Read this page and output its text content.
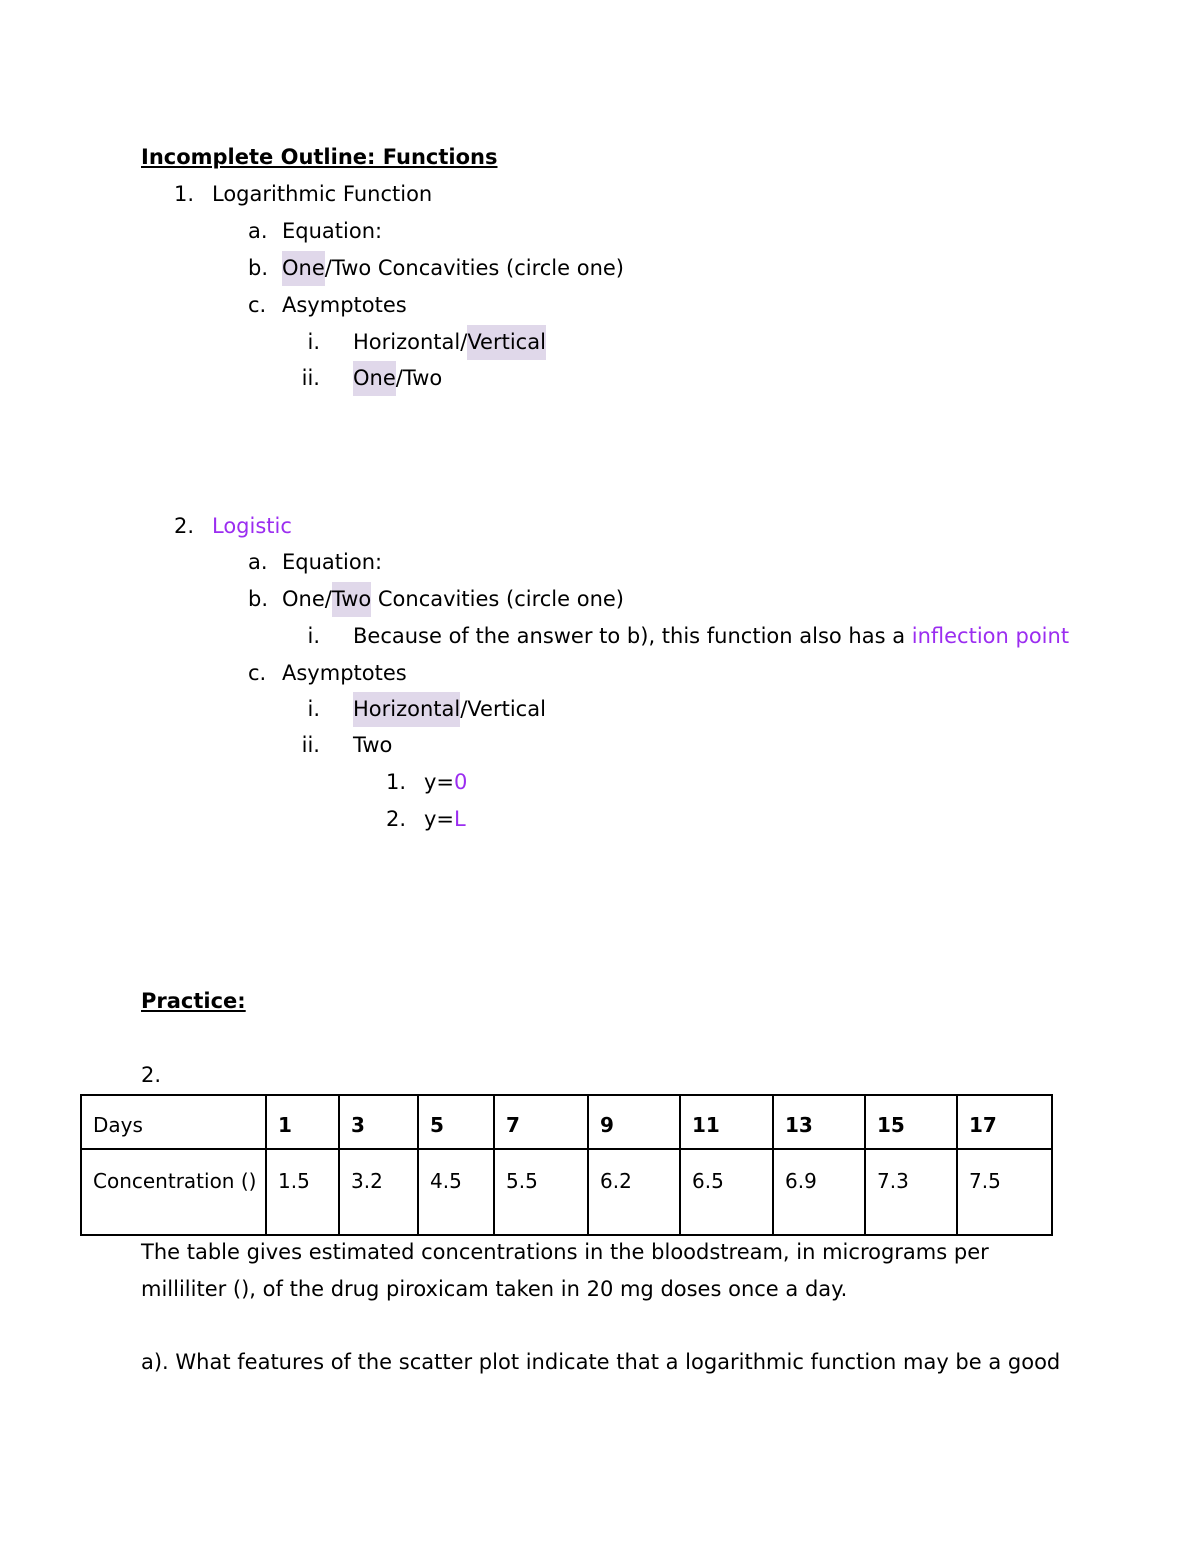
Incomplete Outline: Functions
1. Logarithmic Function
a. Equation:
b. One/Two Concavities (circle one)
c. Asymptotes
i. Horizontal/Vertical
ii. One/Two
2. Logistic
a. Equation:
b. One/Two Concavities (circle one)
i. Because of the answer to b), this function also has a inflection point
c. Asymptotes
i. Horizontal/Vertical
ii. Two
1. y=0
2. y=L
Practice:
2.
Days	1	3	5	7	9	11	13	15	17
Concentration ()	1.5	3.2	4.5	5.5	6.2	6.5	6.9	7.3	7.5
The table gives estimated concentrations in the bloodstream, in micrograms per
milliliter (), of the drug piroxicam taken in 20 mg doses once a day.
a). What features of the scatter plot indicate that a logarithmic function may be a good
